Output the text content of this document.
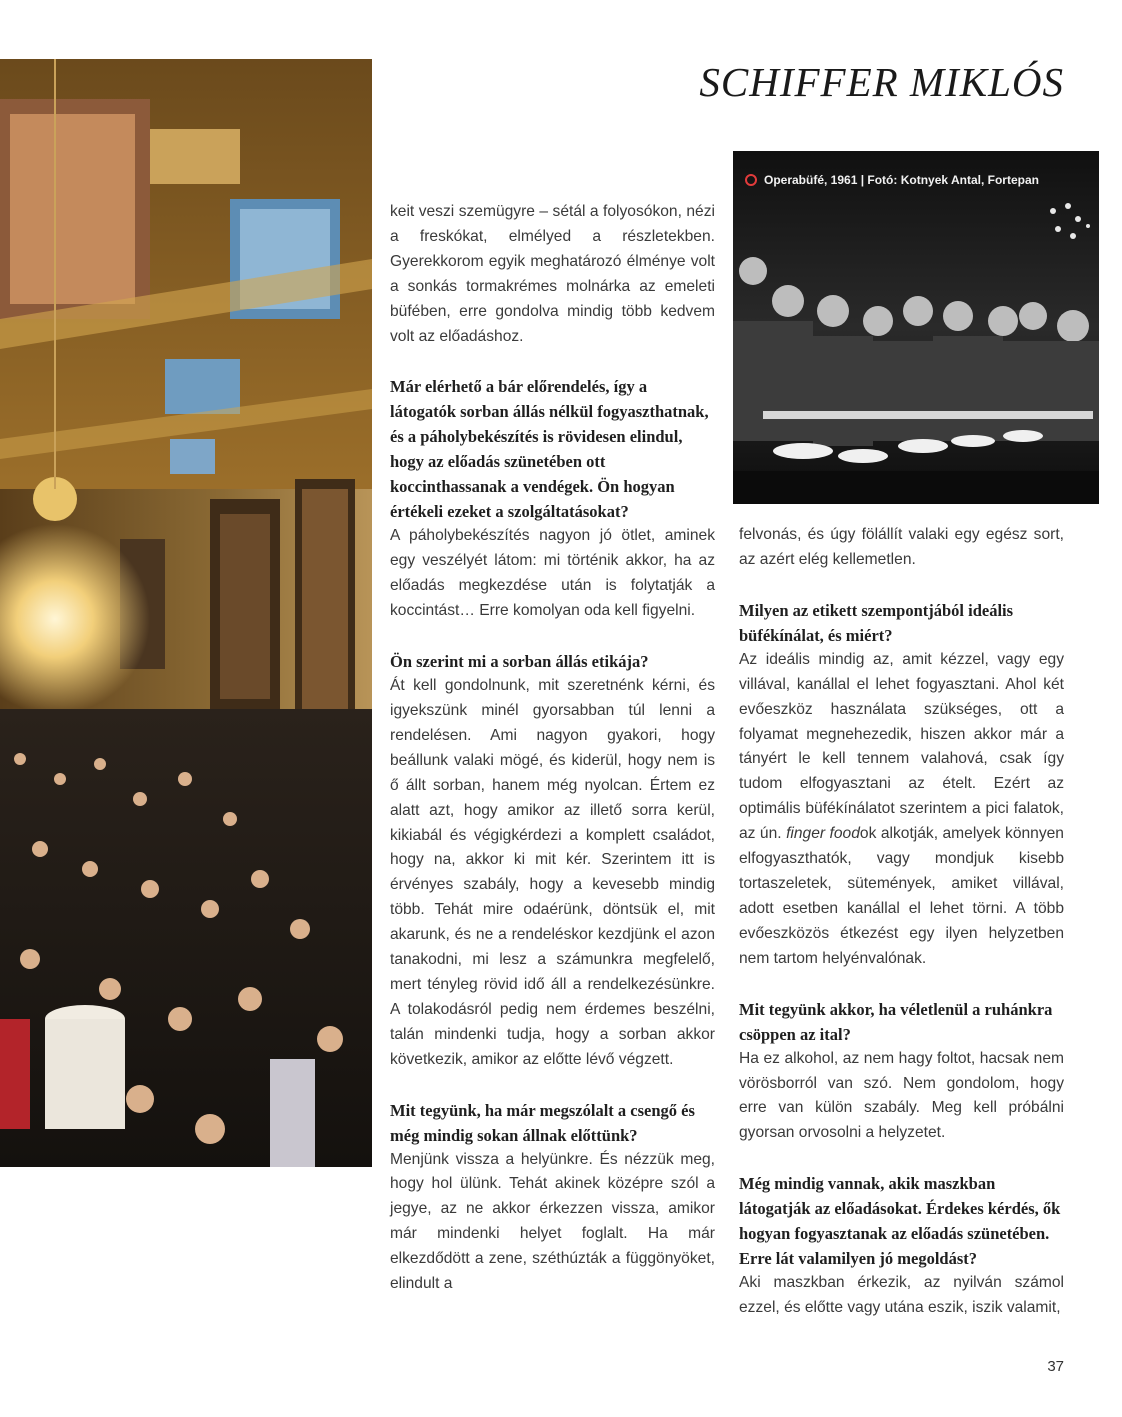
SCHIFFER MIKLÓS

keit veszi szemügyre – sétál a folyosókon, nézi a freskókat, elmélyed a részletekben. Gyerekkorom egyik meghatározó élménye volt a sonkás tormakrémes molnárka az emeleti büfében, erre gondolva mindig több kedvem volt az előadáshoz.

Már elérhető a bár előrendelés, így a látogatók sorban állás nélkül fogyaszthatnak, és a páholybekészítés is rövidesen elindul, hogy az előadás szünetében ott koccinthassanak a vendégek. Ön hogyan értékeli ezeket a szolgáltatásokat?

A páholybekészítés nagyon jó ötlet, aminek egy veszélyét látom: mi történik akkor, ha az előadás megkezdése után is folytatják a koccintást… Erre komolyan oda kell figyelni.

Ön szerint mi a sorban állás etikája?

Át kell gondolnunk, mit szeretnénk kérni, és igyekszünk minél gyorsabban túl lenni a rendelésen. Ami nagyon gyakori, hogy beállunk valaki mögé, és kiderül, hogy nem is ő állt sorban, hanem még nyolcan. Értem ez alatt azt, hogy amikor az illető sorra kerül, kikiabál és végigkérdezi a komplett családot, hogy na, akkor ki mit kér. Szerintem itt is érvényes szabály, hogy a kevesebb mindig több. Tehát mire odaérünk, döntsük el, mit akarunk, és ne a rendeléskor kezdjünk el azon tanakodni, mi lesz a számunkra megfelelő, mert tényleg rövid idő áll a rendelkezésünkre. A tolakodásról pedig nem érdemes beszélni, talán mindenki tudja, hogy a sorban akkor következik, amikor az előtte lévő végzett.

Mit tegyünk, ha már megszólalt a csengő és még mindig sokan állnak előttünk?

Menjünk vissza a helyünkre. És nézzük meg, hogy hol ülünk. Tehát akinek középre szól a jegye, az ne akkor érkezzen vissza, amikor már mindenki helyet foglalt. Ha már elkezdődött a zene, széthúzták a függönyöket, elindult a

Operabüfé, 1961 | Fotó: Kotnyek Antal, Fortepan

felvonás, és úgy fölállít valaki egy egész sort, az azért elég kellemetlen.

Milyen az etikett szempontjából ideális büfékínálat, és miért?

Az ideális mindig az, amit kézzel, vagy egy villával, kanállal el lehet fogyasztani. Ahol két evőeszköz használata szükséges, ott a folyamat megnehezedik, hiszen akkor már a tányért le kell tennem valahová, csak így tudom elfogyasztani az ételt. Ezért az optimális büfékínálatot szerintem a pici falatok, az ún. finger foodok alkotják, amelyek könnyen elfogyaszthatók, vagy mondjuk kisebb tortaszeletek, sütemények, amiket villával, adott esetben kanállal el lehet törni. A több evőeszközös étkezést egy ilyen helyzetben nem tartom helyénvalónak.

Mit tegyünk akkor, ha véletlenül a ruhánkra csöppen az ital?

Ha ez alkohol, az nem hagy foltot, hacsak nem vörösborról van szó. Nem gondolom, hogy erre van külön szabály. Meg kell próbálni gyorsan orvosolni a helyzetet.

Még mindig vannak, akik maszkban látogatják az előadásokat. Érdekes kérdés, ők hogyan fogyasztanak az előadás szünetében. Erre lát valamilyen jó megoldást?

Aki maszkban érkezik, az nyilván számol ezzel, és előtte vagy utána eszik, iszik valamit,

37
